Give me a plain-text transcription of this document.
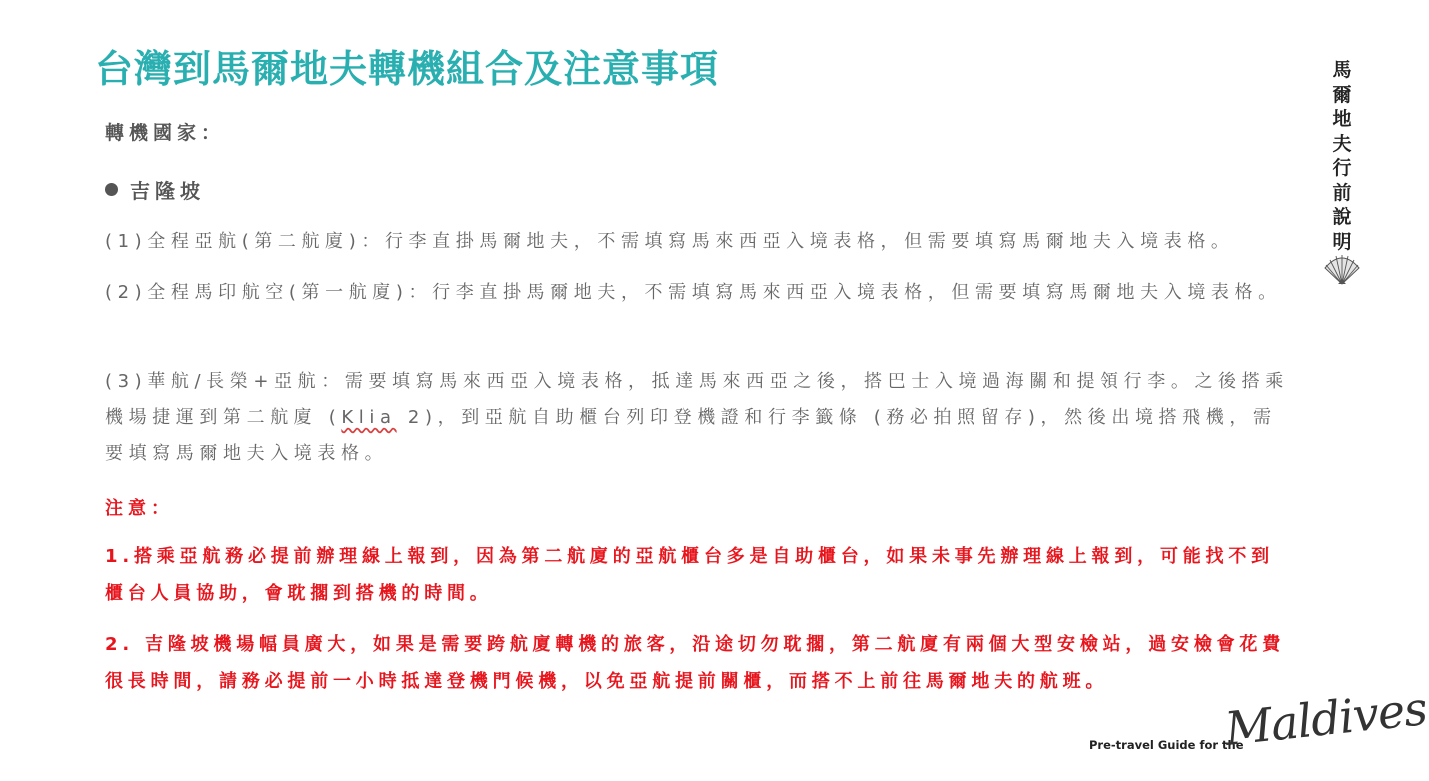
台灣到馬爾地夫轉機組合及注意事項
轉機國家：
吉隆坡

(1)全程亞航(第二航廈)：行李直掛馬爾地夫，不需填寫馬來西亞入境表格，但需要填寫馬爾地夫入境表格。

(2)全程馬印航空(第一航廈)：行李直掛馬爾地夫，不需填寫馬來西亞入境表格，但需要填寫馬爾地夫入境表格。

(3)華航/長榮+亞航：需要填寫馬來西亞入境表格，抵達馬來西亞之後，搭巴士入境過海關和提領行李。之後搭乘機場捷運到第二航廈 (Klia 2)，到亞航自助櫃台列印登機證和行李籤條 (務必拍照留存)，然後出境搭飛機，需要填寫馬爾地夫入境表格。

注意：

1.搭乘亞航務必提前辦理線上報到，因為第二航廈的亞航櫃台多是自助櫃台，如果未事先辦理線上報到，可能找不到櫃台人員協助，會耽擱到搭機的時間。

2. 吉隆坡機場幅員廣大，如果是需要跨航廈轉機的旅客，沿途切勿耽擱，第二航廈有兩個大型安檢站，過安檢會花費很長時間，請務必提前一小時抵達登機門候機，以免亞航提前關櫃，而搭不上前往馬爾地夫的航班。

馬爾地夫行前說明
Pre-travel Guide for the
Maldives
